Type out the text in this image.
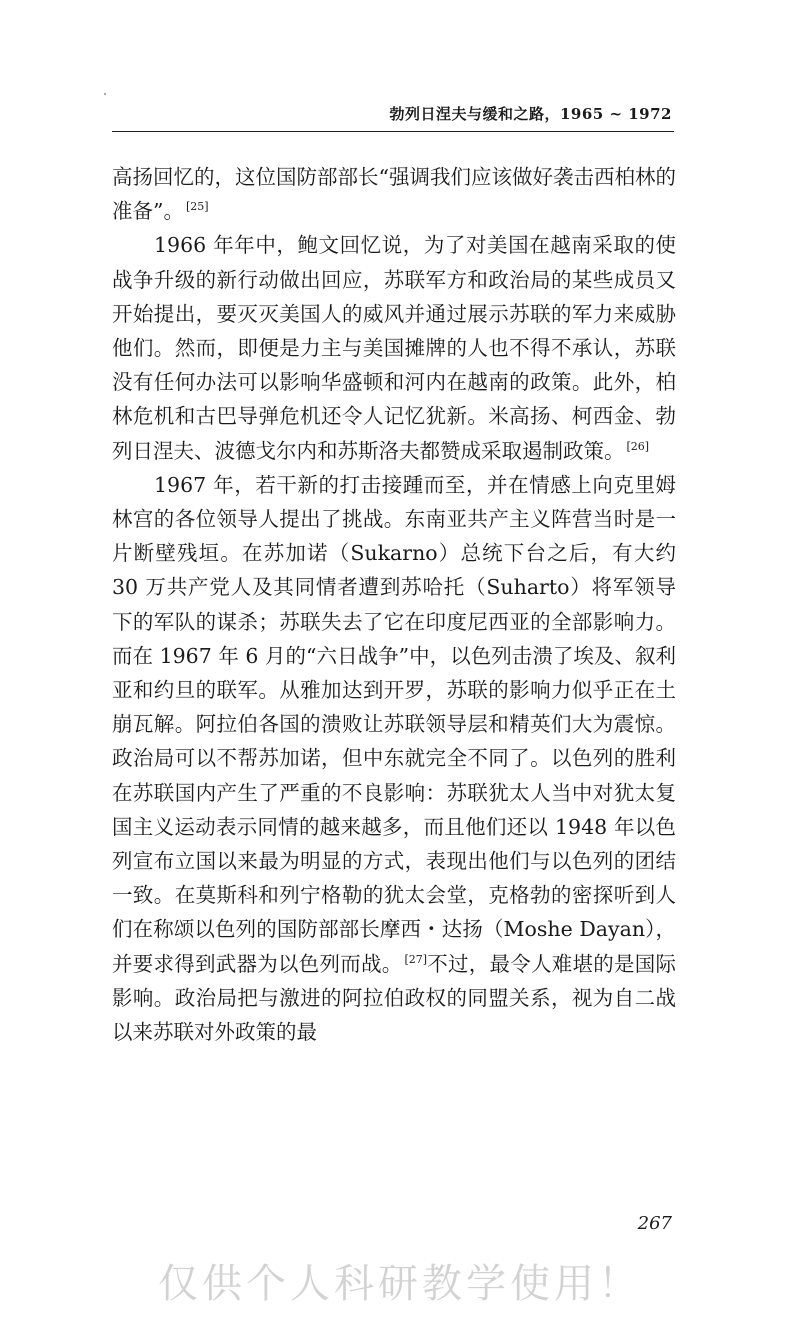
勃列日涅夫与缓和之路，1965 ~ 1972

高扬回忆的，这位国防部部长“强调我们应该做好袭击西柏林的准备”。 [25]

1966 年年中，鲍文回忆说，为了对美国在越南采取的使战争升级的新行动做出回应，苏联军方和政治局的某些成员又开始提出，要灭灭美国人的威风并通过展示苏联的军力来威胁他们。然而，即便是力主与美国摊牌的人也不得不承认，苏联没有任何办法可以影响华盛顿和河内在越南的政策。此外，柏林危机和古巴导弹危机还令人记忆犹新。米高扬、柯西金、勃列日涅夫、波德戈尔内和苏斯洛夫都赞成采取遏制政策。 [26]

1967 年，若干新的打击接踵而至，并在情感上向克里姆林宫的各位领导人提出了挑战。东南亚共产主义阵营当时是一片断壁残垣。在苏加诺（Sukarno）总统下台之后，有大约 30 万共产党人及其同情者遭到苏哈托（Suharto）将军领导下的军队的谋杀；苏联失去了它在印度尼西亚的全部影响力。而在 1967 年 6 月的“六日战争”中，以色列击溃了埃及、叙利亚和约旦的联军。从雅加达到开罗，苏联的影响力似乎正在土崩瓦解。阿拉伯各国的溃败让苏联领导层和精英们大为震惊。政治局可以不帮苏加诺，但中东就完全不同了。以色列的胜利在苏联国内产生了严重的不良影响：苏联犹太人当中对犹太复国主义运动表示同情的越来越多，而且他们还以 1948 年以色列宣布立国以来最为明显的方式，表现出他们与以色列的团结一致。在莫斯科和列宁格勒的犹太会堂，克格勃的密探听到人们在称颂以色列的国防部部长摩西・达扬（Moshe Dayan），并要求得到武器为以色列而战。 [27]不过，最令人难堪的是国际影响。政治局把与激进的阿拉伯政权的同盟关系，视为自二战以来苏联对外政策的最

267
仅供个人科研教学使用！
